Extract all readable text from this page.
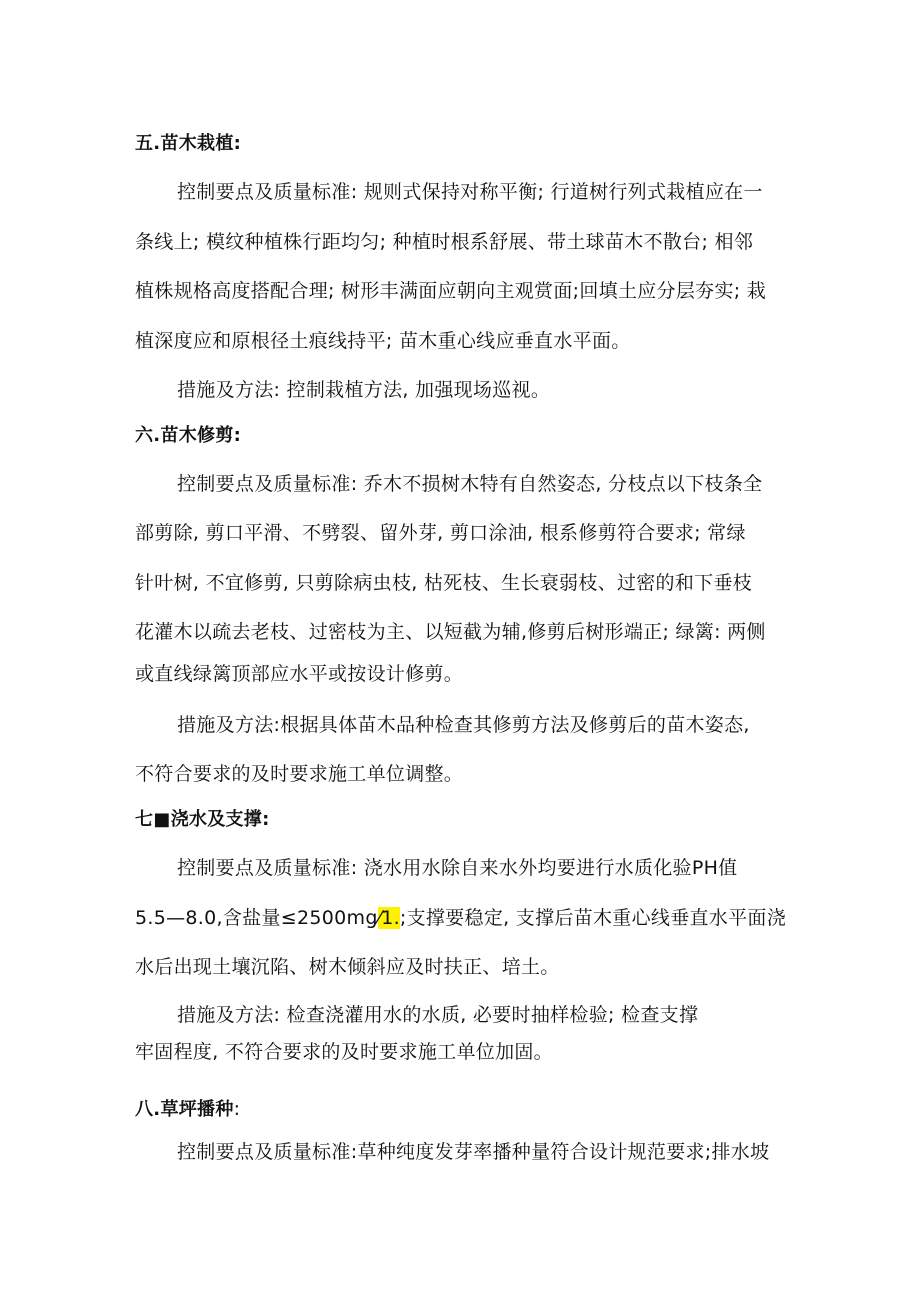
五.苗木栽植:
控制要点及质量标准: 规则式保持对称平衡; 行道树行列式栽植应在一
条线上; 模纹种植株行距均匀; 种植时根系舒展、带土球苗木不散台; 相邻
植株规格高度搭配合理; 树形丰满面应朝向主观赏面;回填土应分层夯实; 栽
植深度应和原根径土痕线持平; 苗木重心线应垂直水平面。
措施及方法: 控制栽植方法, 加强现场巡视。
六.苗木修剪:
控制要点及质量标准: 乔木不损树木特有自然姿态, 分枝点以下枝条全
部剪除, 剪口平滑、不劈裂、留外芽, 剪口涂油, 根系修剪符合要求; 常绿
针叶树, 不宜修剪, 只剪除病虫枝, 枯死枝、生长衰弱枝、过密的和下垂枝
花灌木以疏去老枝、过密枝为主、以短截为辅,修剪后树形端正; 绿篱: 两侧
或直线绿篱顶部应水平或按设计修剪。
措施及方法:根据具体苗木品种检查其修剪方法及修剪后的苗木姿态,
不符合要求的及时要求施工单位调整。
七■浇水及支撑:
控制要点及质量标准: 浇水用水除自来水外均要进行水质化验PH值
5.5—8.0,含盐量≤2500mg⁄1.;支撑要稳定, 支撑后苗木重心线垂直水平面浇
水后出现土壤沉陷、树木倾斜应及时扶正、培土。
措施及方法: 检查浇灌用水的水质, 必要时抽样检验; 检查支撑
牢固程度, 不符合要求的及时要求施工单位加固。
八.草坪播种:
控制要点及质量标准:草种纯度发芽率播种量符合设计规范要求;排水坡
